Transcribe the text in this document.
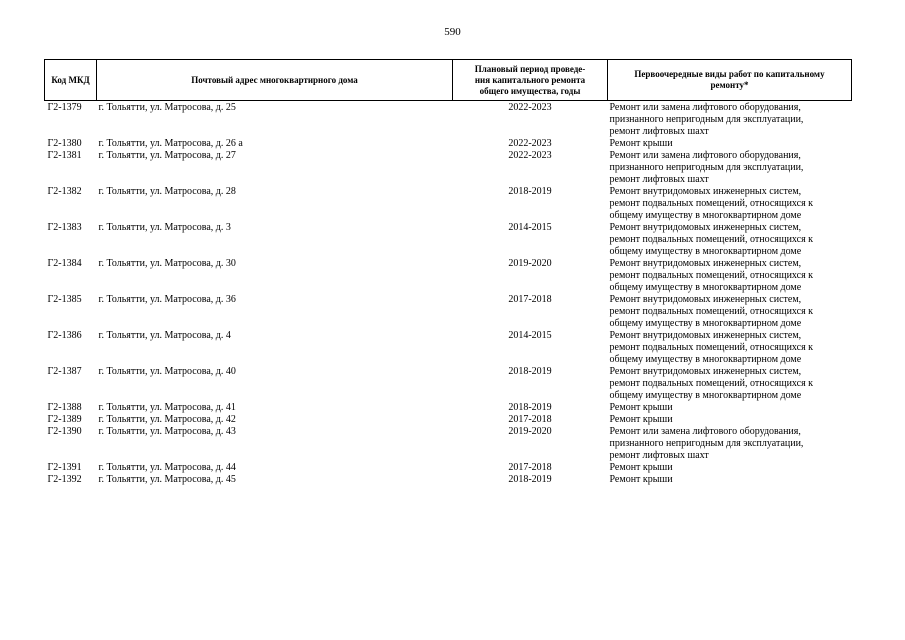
590
Код МКД	Почтовый адрес многоквартирного дома	Плановый период проведе-
ния капитального ремонта
общего имущества, годы	Первоочередные виды работ по капитальному
ремонту*
Г2-1379	г. Тольятти, ул. Матросова, д. 25	2022-2023	Ремонт или замена лифтового оборудования,
признанного непригодным для эксплуатации,
ремонт лифтовых шахт

Г2-1380	г. Тольятти, ул. Матросова, д. 26 а	2022-2023	Ремонт крыши

Г2-1381	г. Тольятти, ул. Матросова, д. 27	2022-2023	Ремонт или замена лифтового оборудования,
признанного непригодным для эксплуатации,
ремонт лифтовых шахт

Г2-1382	г. Тольятти, ул. Матросова, д. 28	2018-2019	Ремонт внутридомовых инженерных систем,
ремонт подвальных помещений, относящихся к
общему имуществу в многоквартирном доме

Г2-1383	г. Тольятти, ул. Матросова, д. 3	2014-2015	Ремонт внутридомовых инженерных систем,
ремонт подвальных помещений, относящихся к
общему имуществу в многоквартирном доме

Г2-1384	г. Тольятти, ул. Матросова, д. 30	2019-2020	Ремонт внутридомовых инженерных систем,
ремонт подвальных помещений, относящихся к
общему имуществу в многоквартирном доме

Г2-1385	г. Тольятти, ул. Матросова, д. 36	2017-2018	Ремонт внутридомовых инженерных систем,
ремонт подвальных помещений, относящихся к
общему имуществу в многоквартирном доме

Г2-1386	г. Тольятти, ул. Матросова, д. 4	2014-2015	Ремонт внутридомовых инженерных систем,
ремонт подвальных помещений, относящихся к
общему имуществу в многоквартирном доме

Г2-1387	г. Тольятти, ул. Матросова, д. 40	2018-2019	Ремонт внутридомовых инженерных систем,
ремонт подвальных помещений, относящихся к
общему имуществу в многоквартирном доме

Г2-1388	г. Тольятти, ул. Матросова, д. 41	2018-2019	Ремонт крыши

Г2-1389	г. Тольятти, ул. Матросова, д. 42	2017-2018	Ремонт крыши

Г2-1390	г. Тольятти, ул. Матросова, д. 43	2019-2020	Ремонт или замена лифтового оборудования,
признанного непригодным для эксплуатации,
ремонт лифтовых шахт

Г2-1391	г. Тольятти, ул. Матросова, д. 44	2017-2018	Ремонт крыши

Г2-1392	г. Тольятти, ул. Матросова, д. 45	2018-2019	Ремонт крыши
